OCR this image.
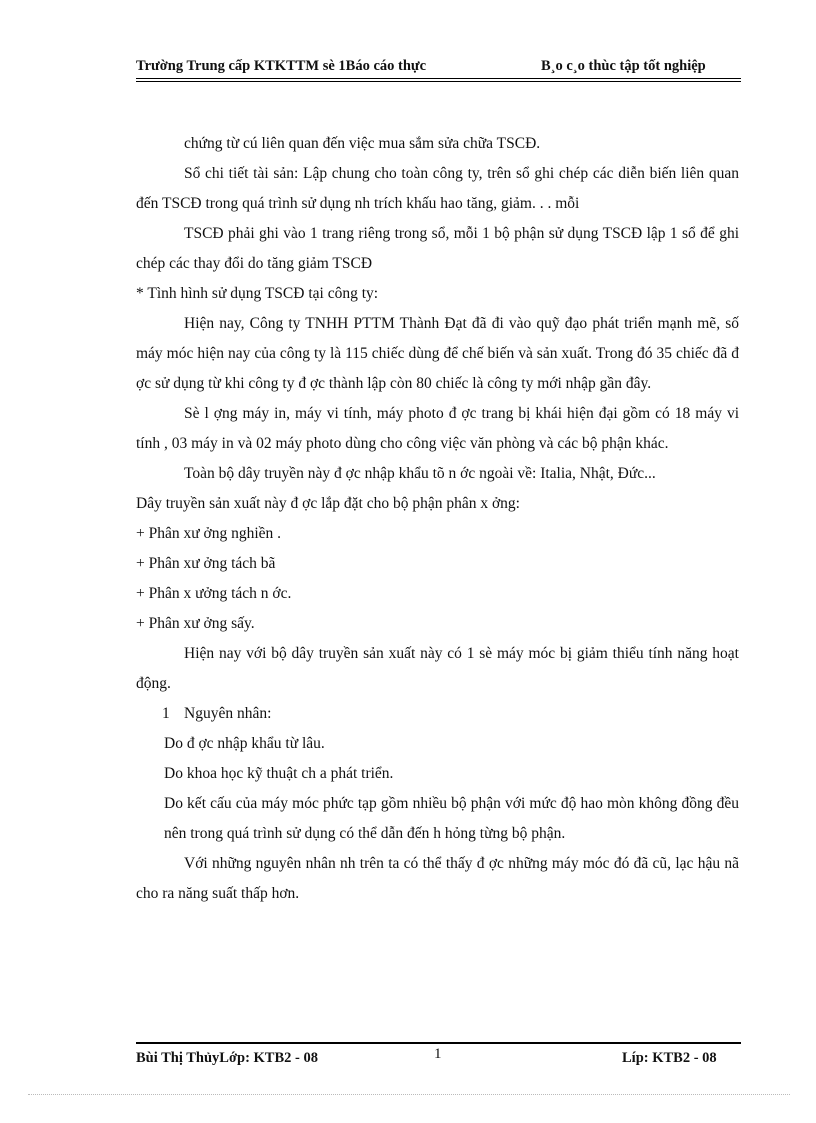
Trường Trung cấp KTKTTM sè 1Báo cáo thực	B¸o c¸o thùc tập tốt nghiệp

chứng từ cú liên quan đến việc mua sắm sửa chữa TSCĐ.

Sổ chi tiết tài sản: Lập chung cho toàn công ty, trên sổ ghi chép các diễn biến liên quan đến TSCĐ trong quá trình sử dụng nh trích khấu hao tăng, giảm. . . mỗi

TSCĐ phải ghi vào 1 trang riêng trong sổ, mỗi 1 bộ phận sử dụng TSCĐ lập 1 sổ để ghi chép các thay đổi do tăng giảm TSCĐ

* Tình hình sử dụng TSCĐ tại công ty:

Hiện nay, Công ty TNHH PTTM Thành Đạt đã đi vào quỹ đạo phát triển mạnh mẽ, số máy móc hiện nay của công ty là 115 chiếc dùng để chế biến và sản xuất. Trong đó 35 chiếc đã đ ợc sử dụng từ khi công ty đ ợc thành lập còn 80 chiếc là công ty mới nhập gần đây.

Sè l ợng máy in, máy vi tính, máy photo đ ợc trang bị khái hiện đại gồm có 18 máy vi tính , 03 máy in và 02 máy photo dùng cho công việc văn phòng và các bộ phận khác.

Toàn bộ dây truyền này đ ợc nhập khẩu tõ n ớc ngoài về: Italia, Nhật, Đức...

Dây truyền sản xuất này đ ợc lắp đặt cho bộ phận phân x ởng:

+ Phân xư ởng nghiền .

+ Phân xư ởng tách bã

+ Phân x ưởng tách n ớc.

+ Phân xư ởng sấy.

Hiện nay với bộ dây truyền sản xuất này có 1 sè máy móc bị giảm thiểu tính năng hoạt động.

1 Nguyên nhân:

Do đ ợc nhập khẩu từ lâu.

Do khoa học kỹ thuật ch a phát triển.

Do kết cấu của máy móc phức tạp gồm nhiều bộ phận với mức độ hao mòn không đồng đều nên trong quá trình sử dụng có thể dẫn đến h hỏng từng bộ phận.

Với những nguyên nhân nh trên ta có thể thấy đ ợc những máy móc đó đã cũ, lạc hậu nã cho ra năng suất thấp hơn.

Bùi Thị ThủyLớp: KTB2 - 08	1	Líp: KTB2 - 08
